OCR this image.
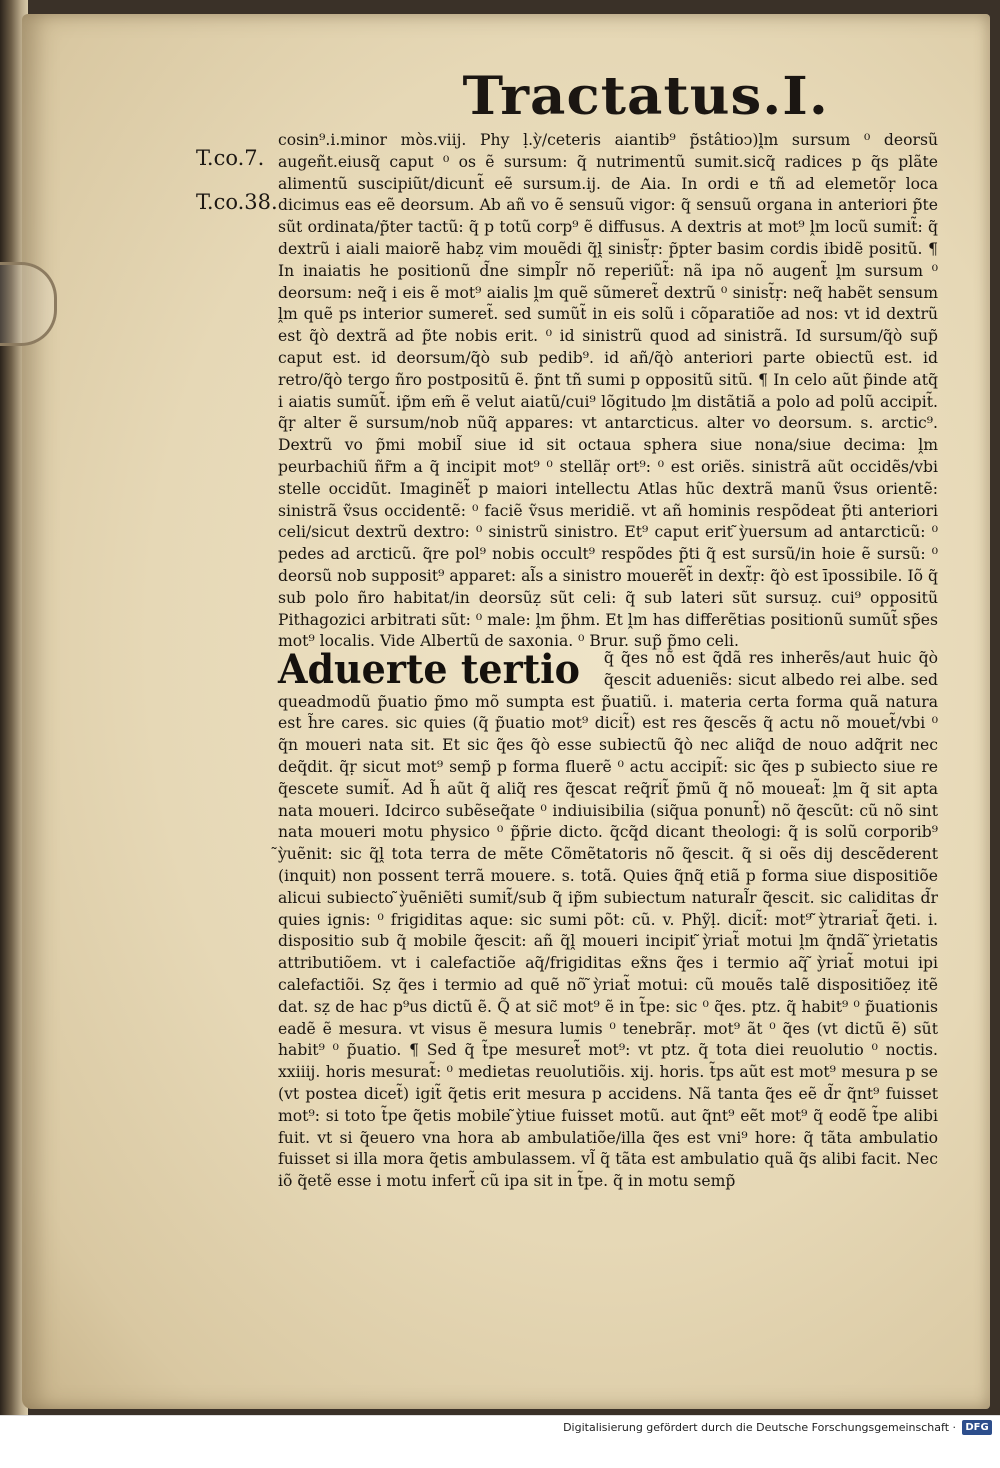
Tractatus.I.
T.co.7.
T.co.38.

cosin⁹.i.minor mòs.viij. Phy ḷ.ỳ/ceteris aiantib⁹ p̃stâtioↄ)ḽm sursum ⁰ deorsũ augeñt.eiusq̃ caput ⁰ os ẽ sursum: q̃ nutrimentũ sumit.sicq̃ radices p q̃s plãte alimentũ suscipiũt/dicunt̃ eẽ sursum.ij. de Aia. In ordi e tñ ad elemetõṛ loca dicimus eas eẽ deorsum. Ab añ vo ẽ sensuũ vigor: q̃ sensuũ organa in anteriori p̃te sũt ordinata/p̃ter tactũ: q̃ p totũ corp⁹ ẽ diffusus. A dextris at mot⁹ ḽm locũ sumit̃: q̃ dextrũ i aiali maiorẽ habẓ vim mouẽdi q̃ḽ sinist̃ṛ: p̃pter basim cordis ibidẽ positũ. ¶ In inaiatis he positionũ d̃ne simpl̃r nõ reperiũt̃: nã ipa nõ augent̃ ḽm sursum ⁰ deorsum: neq̃ i eis ẽ mot⁹ aialis ḽm quẽ sũmeret̃ dextrũ ⁰ sinist̃ṛ: neq̃ habẽt sensum ḽm quẽ ps interior sumeret̃. sed sumũt̃ in eis solũ i cõparatiõe ad nos: vt id dextrũ est q̃ò dextrã ad p̃te nobis erit. ⁰ id sinistrũ quod ad sinistrã. Id sursum/q̃ò sup̃ caput est. id deorsum/q̃ò sub pedib⁹. id añ/q̃ò anteriori parte obiectũ est. id retro/q̃ò tergo ñro postpositũ ẽ. p̃nt tñ sumi p oppositũ sitũ. ¶ In celo aũt p̃inde atq̃ i aiatis sumũt̃. ip̃m em̃ ẽ velut aiatũ/cui⁹ lõgitudo ḽm distãtiã a polo ad polũ accipit̃. q̃ṛ alter ẽ sursum/nob nũq̃ appares: vt antarcticus. alter vo deorsum. s. arctic⁹. Dextrũ vo p̃mi mobil̃ siue id sit octaua sphera siue nona/siue decima: ḽm peurbachiũ ñr̃m a q̃ incipit mot⁹ ⁰ stellãṛ ort⁹: ⁰ est oriẽs. sinistrã aũt occidẽs/vbi stelle occidũt. Imaginẽt̃ p maiori intellectu Atlas hũc dextrã manũ ṽsus orientẽ: sinistrã ṽsus occidentẽ: ⁰ faciẽ ṽsus meridiẽ. vt añ hominis respõdeat p̃ti anteriori celi/sicut dextrũ dextro: ⁰ sinistrũ sinistro. Et⁹ caput erit ̃ỳuersum ad antarcticũ: ⁰ pedes ad arcticũ. q̃re pol⁹ nobis occult⁹ respõdes p̃ti q̃ est sursũ/in hoie ẽ sursũ: ⁰ deorsũ nob supposit⁹ apparet: al̃s a sinistro mouerẽt̃ in dext̃ṛ: q̃ò est īpossibile. Iõ q̃ sub polo ñro habitat/in deorsũẓ sũt celi: q̃ sub lateri sũt sursuẓ. cui⁹ oppositũ Pithagozici arbitrati sũt: ⁰ male: ḽm p̃hm. Et ḽm has differẽtias positionũ sumũt̃ sp̃es mot⁹ localis. Vide Albertũ de saxonia. ⁰ Brur. sup̃ p̃mo celi.

Aduerte tertio	q̃ q̃es nõ est q̃dã res inherẽs/aut huic q̃ò q̃escit adueniẽs: sicut albedo rei albe. sed queadmodũ p̃uatio p̃mo mõ sumpta est p̃uatiũ. i. materia certa forma quã natura est h̃re cares. sic quies (q̃ p̃uatio mot⁹ dicit̃) est res q̃escẽs q̃ actu nõ mouet̃/vbi ⁰ q̃n moueri nata sit. Et sic q̃es q̃ò esse subiectũ q̃ò nec aliq̃d de nouo adq̃rit nec deq̃dit. q̃ṛ sicut mot⁹ semp̃ p forma fluerẽ ⁰ actu accipit̃: sic q̃es p subiecto siue re q̃escete sumit̃. Ad h̃ aũt q̃ aliq̃ res q̃escat req̃rit̃ p̃mũ q̃ nõ moueat̃: ḽm q̃ sit apta nata moueri. Idcirco subẽseq̃ate ⁰ indiuisibilia (siq̃ua ponunt̃) nõ q̃escũt: cũ nõ sint nata moueri motu physico ⁰ p̃p̃rie dicto. q̃cq̃d dicant theologi: q̃ is solũ corporib⁹ ̃ỳuẽnit: sic q̃ḽ tota terra de mẽte Cõmẽtatoris nõ q̃escit. q̃ si oẽs dij descẽderent (inquit) non possent terrã mouere. s. totã. Quies q̃nq̃ etiã p forma siue dispositiõe alicui subiecto ̃ỳuẽniẽti sumit̃/sub q̃ ip̃m subiectum natural̃r q̃escit. sic caliditas d̃r quies ignis: ⁰ frigiditas aque: sic sumi põt: cũ. v. Phỹḷ. dicit̃: mot⁹ ̃ỳtrariat̃ q̃eti. i. dispositio sub q̃ mobile q̃escit: añ q̃ḽ moueri incipit ̃ỳriat̃ motui ḽm q̃ndã ̃ỳrietatis attributiõem. vt i calefactiõe aq̃/frigiditas ex̃ns q̃es i termio aq̃ ̃ỳriat̃ motui ipi calefactiõi. Sẓ q̃es i termio ad quẽ nõ ̃ỳriat̃ motui: cũ mouẽs talẽ dispositiõeẓ itẽ dat. sẓ de hac p⁹us dictũ ẽ. Q̃ at sic̃ mot⁹ ẽ in t̃pe: sic ⁰ q̃es. ptz. q̃ habit⁹ ⁰ p̃uationis eadẽ ẽ mesura. vt visus ẽ mesura lumis ⁰ tenebrãṛ. mot⁹ ãt ⁰ q̃es (vt dictũ ẽ) sũt habit⁹ ⁰ p̃uatio. ¶ Sed q̃ t̃pe mesuret̃ mot⁹: vt ptz. q̃ tota diei reuolutio ⁰ noctis. xxiiij. horis mesurat̃: ⁰ medietas reuolutiõis. xij. horis. t̃ps aũt est mot⁹ mesura p se (vt postea dicet̃) igit̃ q̃etis erit mesura p accidens. Nã tanta q̃es eẽ d̃r q̃nt⁹ fuisset mot⁹: si toto t̃pe q̃etis mobile ̃ỳtiue fuisset motũ. aut q̃nt⁹ eẽt mot⁹ q̃ eodẽ t̃pe alibi fuit. vt si q̃euero vna hora ab ambulatiõe/illa q̃es est vni⁹ hore: q̃ tãta ambulatio fuisset si illa mora q̃etis ambulassem. vl̃ q̃ tãta est ambulatio quã q̃s alibi facit. Nec iõ q̃etẽ esse i motu infert̃ cũ ipa sit in t̃pe. q̃ in motu semp̃

Digitalisierung gefördert durch die Deutsche Forschungsgemeinschaft · DFG
